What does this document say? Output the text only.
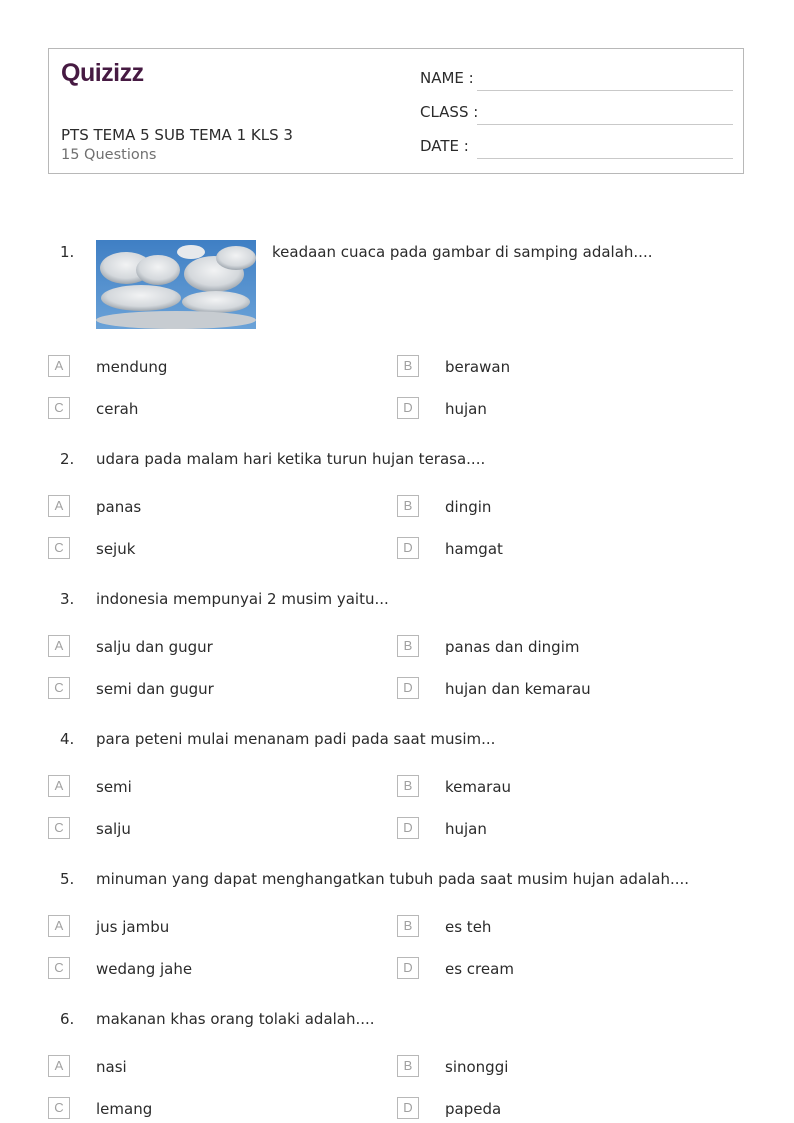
Quizizz
PTS TEMA 5 SUB TEMA 1 KLS 3
15 Questions
NAME :
CLASS :
DATE :
1.	keadaan cuaca pada gambar di samping adalah....
A	mendung	B	berawan
C	cerah	D	hujan
2. udara pada malam hari ketika turun hujan terasa....
A	panas	B	dingin
C	sejuk	D	hamgat
3. indonesia mempunyai 2 musim yaitu...
A	salju dan gugur	B	panas dan dingim
C	semi dan gugur	D	hujan dan kemarau
4. para peteni mulai menanam padi pada saat musim...
A	semi	B	kemarau
C	salju	D	hujan
5. minuman yang dapat menghangatkan tubuh pada saat musim hujan adalah....
A	jus jambu	B	es teh
C	wedang jahe	D	es cream
6. makanan khas orang tolaki adalah....
A	nasi	B	sinonggi
C	lemang	D	papeda
